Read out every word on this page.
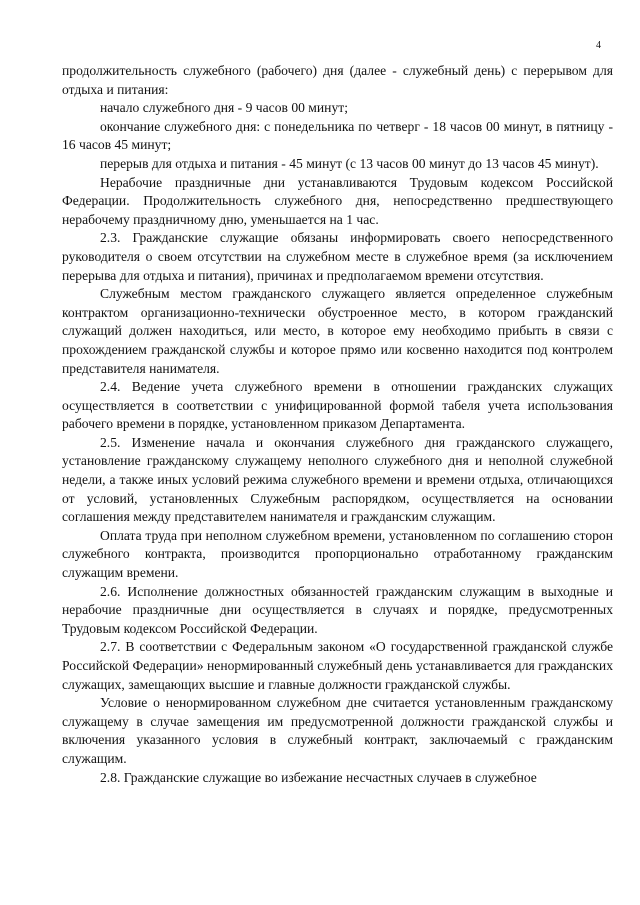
4

продолжительность служебного (рабочего) дня (далее - служебный день) с перерывом для отдыха и питания:

начало служебного дня - 9 часов 00 минут;

окончание служебного дня: с понедельника по четверг - 18 часов 00 минут, в пятницу - 16 часов 45 минут;

перерыв для отдыха и питания - 45 минут (с 13 часов 00 минут до 13 часов 45 минут).

Нерабочие праздничные дни устанавливаются Трудовым кодексом Российской Федерации. Продолжительность служебного дня, непосредственно предшествующего нерабочему праздничному дню, уменьшается на 1 час.

2.3. Гражданские служащие обязаны информировать своего непосредственного руководителя о своем отсутствии на служебном месте в служебное время (за исключением перерыва для отдыха и питания), причинах и предполагаемом времени отсутствия.

Служебным местом гражданского служащего является определенное служебным контрактом организационно-технически обустроенное место, в котором гражданский служащий должен находиться, или место, в которое ему необходимо прибыть в связи с прохождением гражданской службы и которое прямо или косвенно находится под контролем представителя нанимателя.

2.4. Ведение учета служебного времени в отношении гражданских служащих осуществляется в соответствии с унифицированной формой табеля учета использования рабочего времени в порядке, установленном приказом Департамента.

2.5. Изменение начала и окончания служебного дня гражданского служащего, установление гражданскому служащему неполного служебного дня и неполной служебной недели, а также иных условий режима служебного времени и времени отдыха, отличающихся от условий, установленных Служебным распорядком, осуществляется на основании соглашения между представителем нанимателя и гражданским служащим.

Оплата труда при неполном служебном времени, установленном по соглашению сторон служебного контракта, производится пропорционально отработанному гражданским служащим времени.

2.6. Исполнение должностных обязанностей гражданским служащим в выходные и нерабочие праздничные дни осуществляется в случаях и порядке, предусмотренных Трудовым кодексом Российской Федерации.

2.7. В соответствии с Федеральным законом «О государственной гражданской службе Российской Федерации» ненормированный служебный день устанавливается для гражданских служащих, замещающих высшие и главные должности гражданской службы.

Условие о ненормированном служебном дне считается установленным гражданскому служащему в случае замещения им предусмотренной должности гражданской службы и включения указанного условия в служебный контракт, заключаемый с гражданским служащим.

2.8. Гражданские служащие во избежание несчастных случаев в служебное
